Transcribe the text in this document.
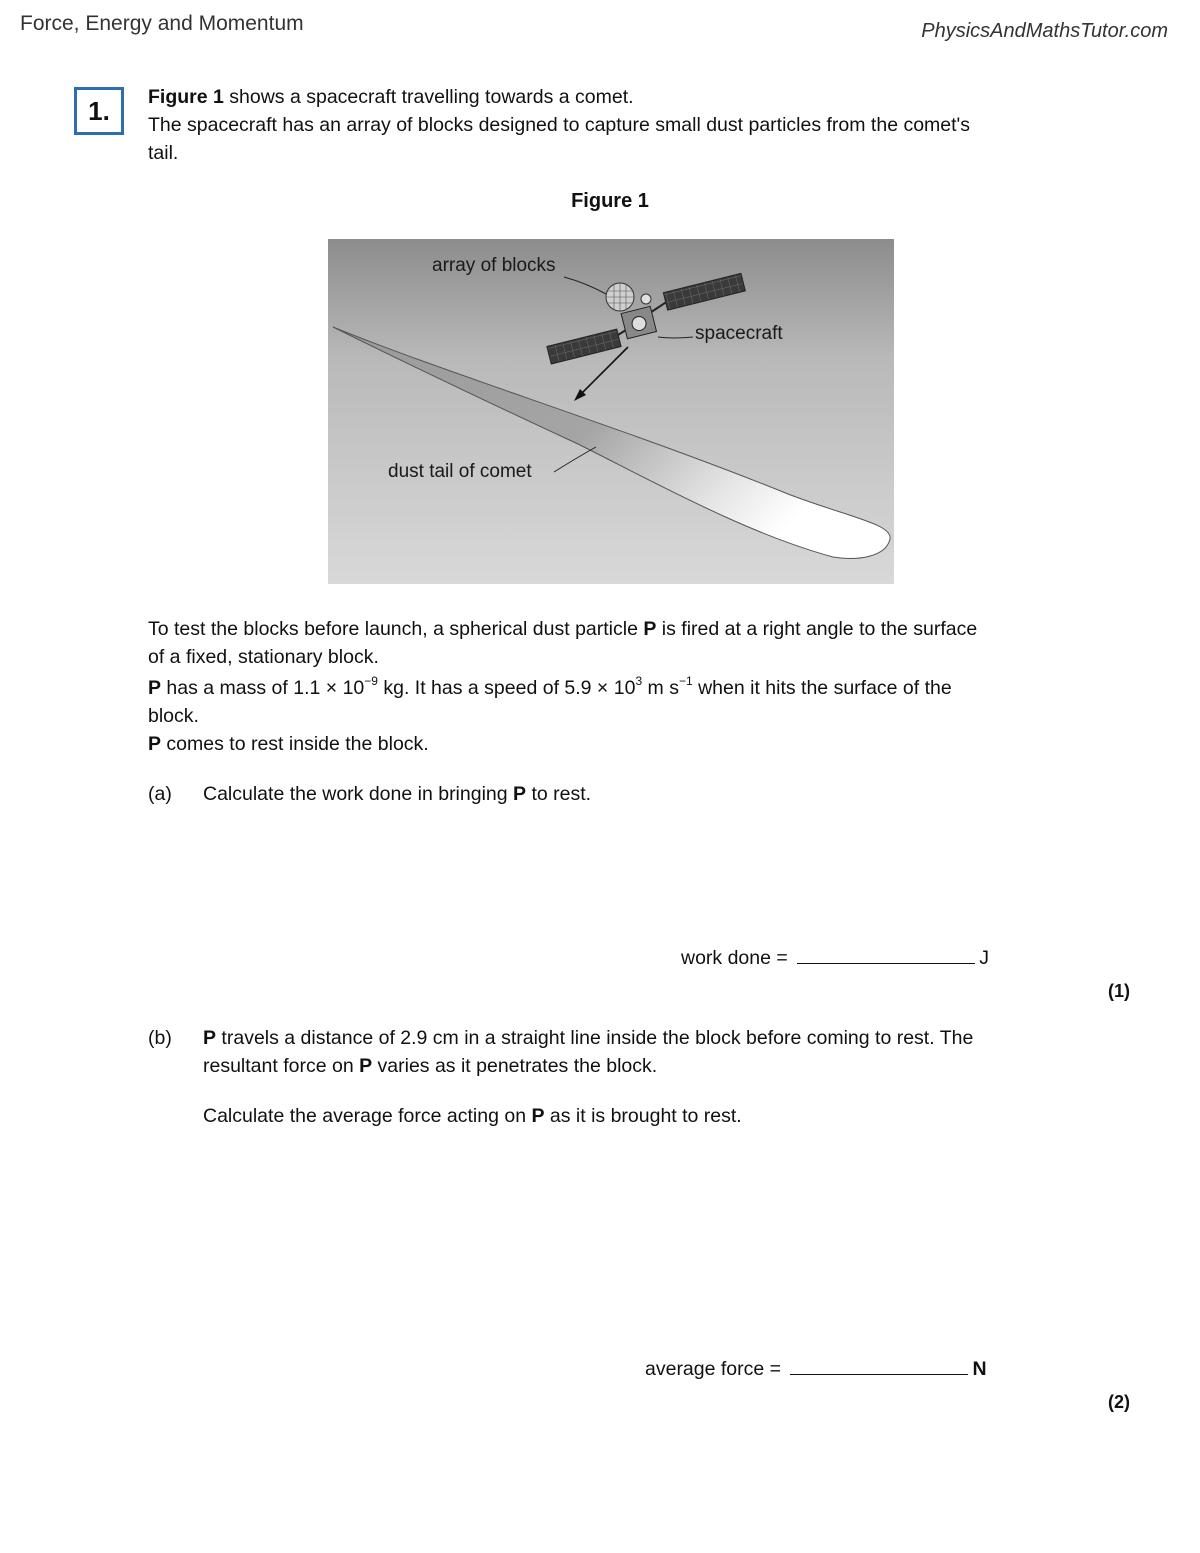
Force, Energy and Momentum	PhysicsAndMathsTutor.com
1.	Figure 1 shows a spacecraft travelling towards a comet.
The spacecraft has an array of blocks designed to capture small dust particles from the comet's
tail.
Figure 1
array of blocks
spacecraft
dust tail of comet
To test the blocks before launch, a spherical dust particle P is fired at a right angle to the surface
of a fixed, stationary block.
P has a mass of $1.1 \times 10^{-9}$ kg. It has a speed of $5.9 \times 10^3$ m $s^{-1}$ when it hits the surface of the
block.
P comes to rest inside the block.
(a) Calculate the work done in bringing P to rest.
work done =	J
(1)
(b) P travels a distance of 2.9 cm in a straight line inside the block before coming to rest. The
resultant force on P varies as it penetrates the block.
Calculate the average force acting on P as it is brought to rest.
average force =	N
(2)
